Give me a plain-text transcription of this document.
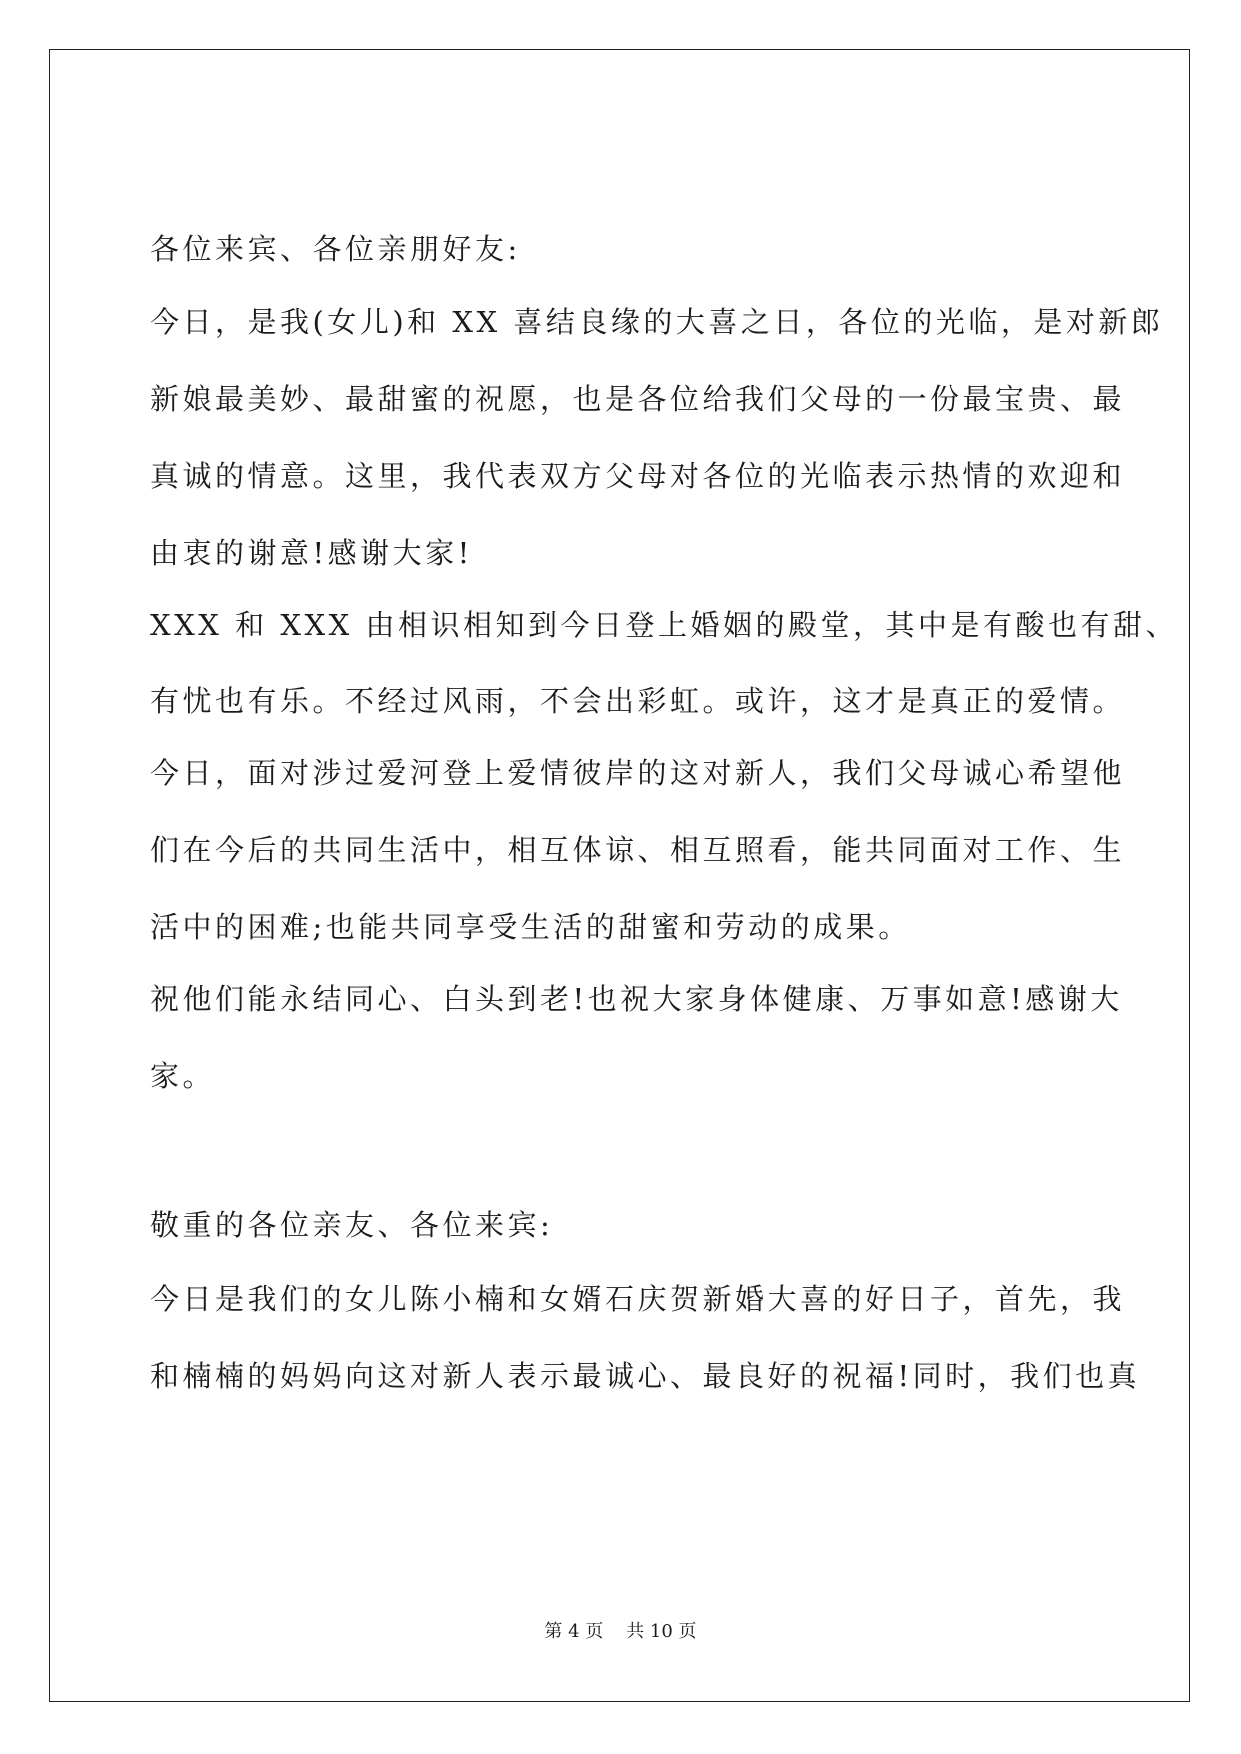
各位来宾、各位亲朋好友:
今日，是我(女儿)和 XX 喜结良缘的大喜之日，各位的光临，是对新郎
新娘最美妙、最甜蜜的祝愿，也是各位给我们父母的一份最宝贵、最
真诚的情意。这里，我代表双方父母对各位的光临表示热情的欢迎和
由衷的谢意!感谢大家!
XXX 和 XXX 由相识相知到今日登上婚姻的殿堂，其中是有酸也有甜、
有忧也有乐。不经过风雨，不会出彩虹。或许，这才是真正的爱情。
今日，面对涉过爱河登上爱情彼岸的这对新人，我们父母诚心希望他
们在今后的共同生活中，相互体谅、相互照看，能共同面对工作、生
活中的困难;也能共同享受生活的甜蜜和劳动的成果。
祝他们能永结同心、白头到老!也祝大家身体健康、万事如意!感谢大
家。
敬重的各位亲友、各位来宾:
今日是我们的女儿陈小楠和女婿石庆贺新婚大喜的好日子，首先，我
和楠楠的妈妈向这对新人表示最诚心、最良好的祝福!同时，我们也真
第 4 页    共 10 页
